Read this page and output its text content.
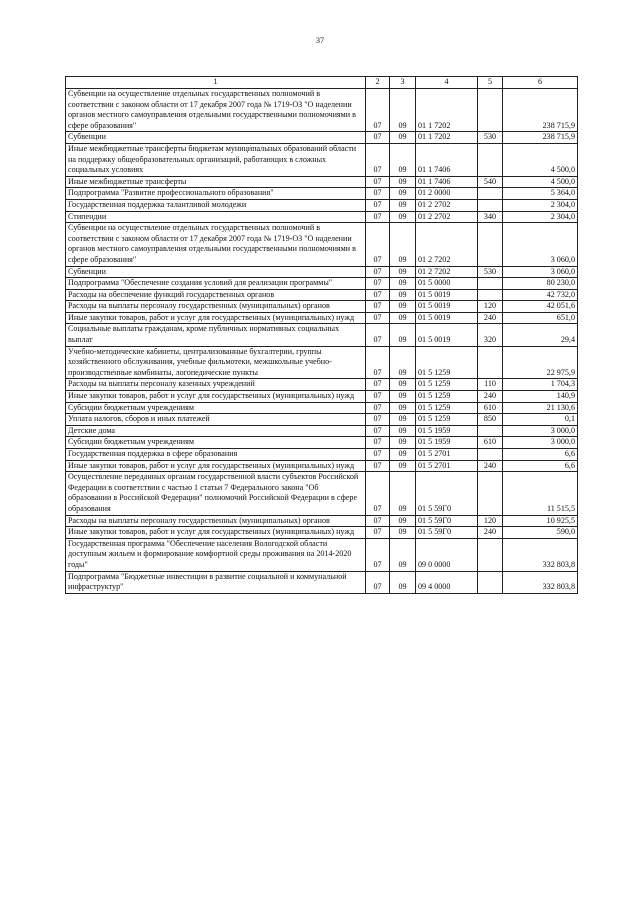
37
1	2	3	4	5	6
Субвенции на осуществление отдельных государственных полномочий в соответствии с законом области от 17 декабря 2007 года № 1719-ОЗ "О наделении органов местного самоуправления отдельными государственными полномочиями в сфере образования"	07	09	01 1 7202		238 715,9
Субвенции	07	09	01 1 7202	530	238 715,9
Иные межбюджетные трансферты бюджетам муниципальных образований области на поддержку общеобразовательных организаций, работающих в сложных социальных условиях	07	09	01 1 7406		4 500,0
Иные межбюджетные трансферты	07	09	01 1 7406	540	4 500,0
Подпрограмма "Развитие профессионального образования"	07	09	01 2 0000		5 364,0
Государственная поддержка талантливой молодежи	07	09	01 2 2702		2 304,0
Стипендии	07	09	01 2 2702	340	2 304,0
Субвенции на осуществление отдельных государственных полномочий в соответствии с законом области от 17 декабря 2007 года № 1719-ОЗ "О наделении органов местного самоуправления отдельными государственными полномочиями в сфере образования"	07	09	01 2 7202		3 060,0
Субвенции	07	09	01 2 7202	530	3 060,0
Подпрограмма "Обеспечение создания условий для реализации программы"	07	09	01 5 0000		80 230,0
Расходы на обеспечение функций государственных органов	07	09	01 5 0019		42 732,0
Расходы на выплаты персоналу государственных (муниципальных) органов	07	09	01 5 0019	120	42 051,6
Иные закупки товаров, работ и услуг для государственных (муниципальных) нужд	07	09	01 5 0019	240	651,0
Социальные выплаты гражданам, кроме публичных нормативных социальных выплат	07	09	01 5 0019	320	29,4
Учебно-методические кабинеты, централизованные бухгалтерии, группы хозяйственного обслуживания, учебные фильмотеки, межшкольные учебно-производственные комбинаты, логопедические пункты	07	09	01 5 1259		22 975,9
Расходы на выплаты персоналу казенных учреждений	07	09	01 5 1259	110	1 704,3
Иные закупки товаров, работ и услуг для государственных (муниципальных) нужд	07	09	01 5 1259	240	140,9
Субсидии бюджетным учреждениям	07	09	01 5 1259	610	21 130,6
Уплата налогов, сборов и иных платежей	07	09	01 5 1259	850	0,1
Детские дома	07	09	01 5 1959		3 000,0
Субсидии бюджетным учреждениям	07	09	01 5 1959	610	3 000,0
Государственная поддержка в сфере образования	07	09	01 5 2701		6,6
Иные закупки товаров, работ и услуг для государственных (муниципальных) нужд	07	09	01 5 2701	240	6,6
Осуществление переданных органам государственной власти субъектов Российской Федерации в соответствии с частью 1 статьи 7 Федерального закона "Об образовании в Российской Федерации" полномочий Российской Федерации в сфере образования	07	09	01 5 59Г0		11 515,5
Расходы на выплаты персоналу государственных (муниципальных) органов	07	09	01 5 59Г0	120	10 925,5
Иные закупки товаров, работ и услуг для государственных (муниципальных) нужд	07	09	01 5 59Г0	240	590,0
Государственная программа "Обеспечение населения Вологодской области доступным жильем и формирование комфортной среды проживания на 2014-2020 годы"	07	09	09 0 0000		332 803,8
Подпрограмма "Бюджетные инвестиции в развитие социальной и коммунальной инфраструктур"	07	09	09 4 0000		332 803,8
